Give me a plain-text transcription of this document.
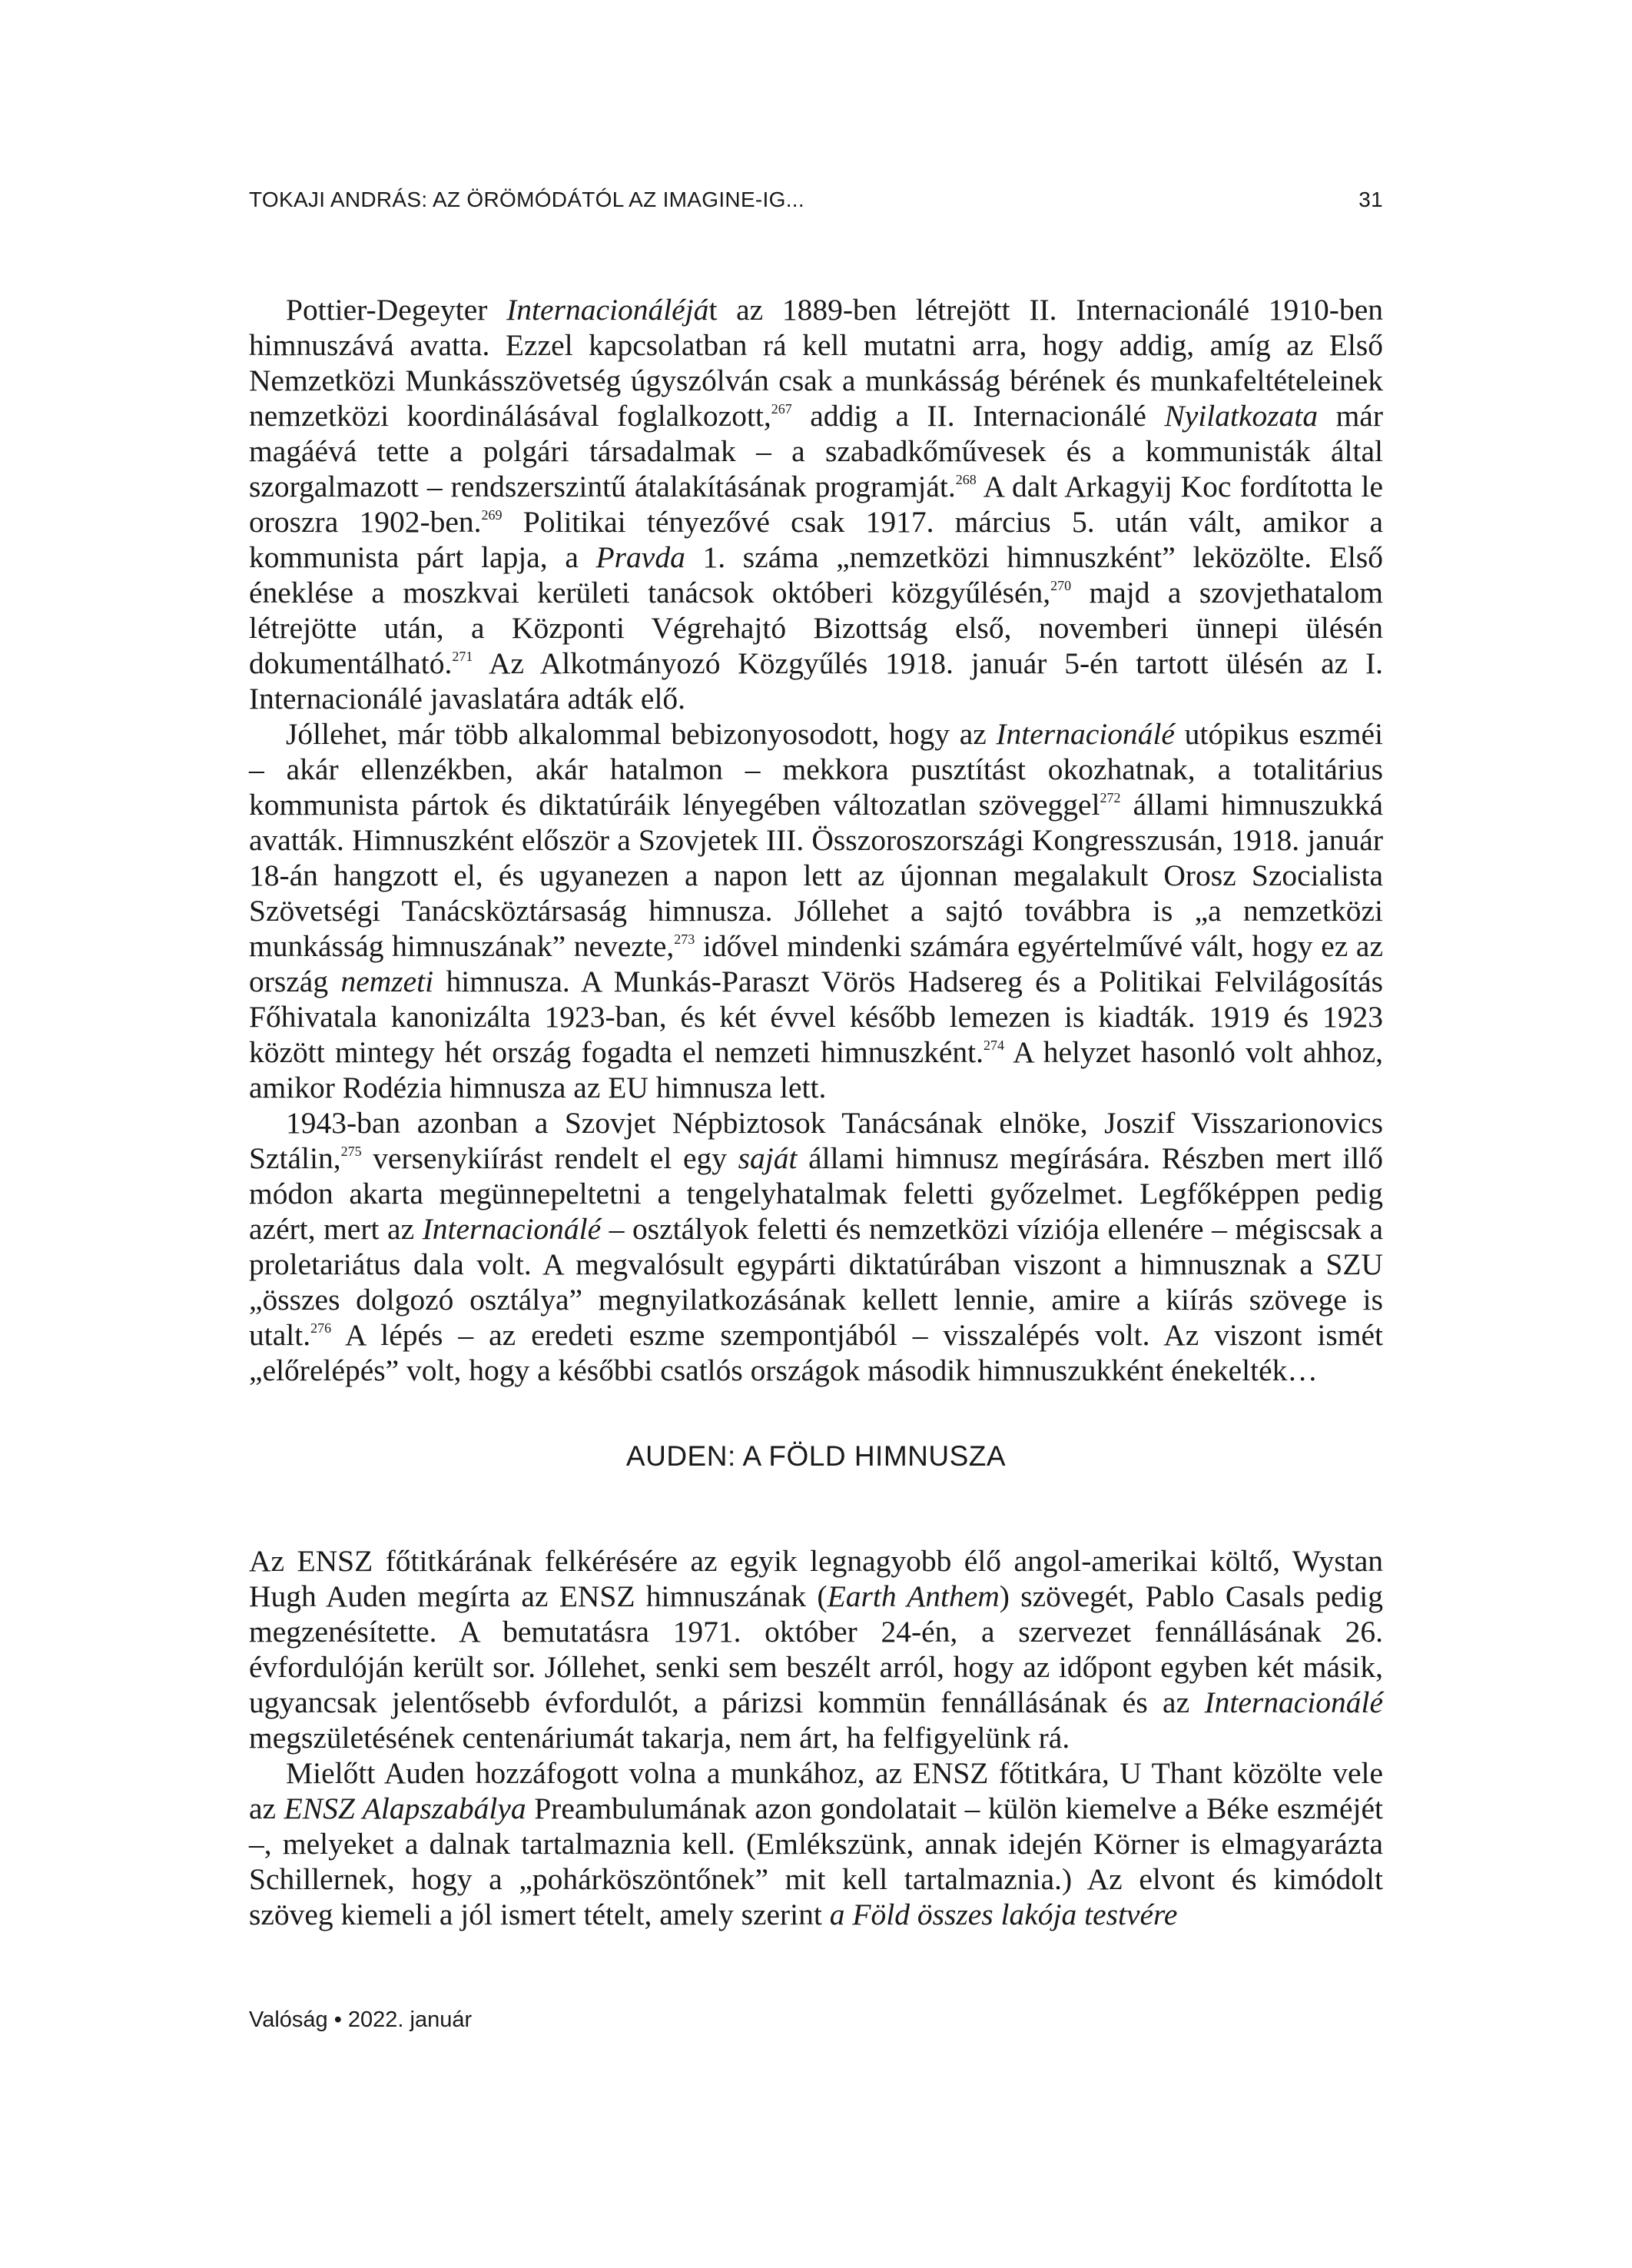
TOKAJI ANDRÁS: AZ ÖRÖMÓDÁTÓL AZ IMAGINE-IG...	31

Pottier-Degeyter Internacionáléját az 1889-ben létrejött II. Internacionálé 1910-ben himnuszává avatta. Ezzel kapcsolatban rá kell mutatni arra, hogy addig, amíg az Első Nemzetközi Munkásszövetség úgyszólván csak a munkásság bérének és munkafeltételeinek nemzetközi koordinálásával foglalkozott,$^{267}$ addig a II. Internacionálé Nyilatkozata már magáévá tette a polgári társadalmak – a szabadkőművesek és a kommunisták által szorgalmazott – rendszerszintű átalakításának programját.$^{268}$ A dalt Arkagyij Koc fordította le oroszra 1902-ben.$^{269}$ Politikai tényezővé csak 1917. március 5. után vált, amikor a kommunista párt lapja, a Pravda 1. száma „nemzetközi himnuszként” leközölte. Első éneklése a moszkvai kerületi tanácsok októberi közgyűlésén,$^{270}$ majd a szovjethatalom létrejötte után, a Központi Végrehajtó Bizottság első, novemberi ünnepi ülésén dokumentálható.$^{271}$ Az Alkotmányozó Közgyűlés 1918. január 5-én tartott ülésén az I. Internacionálé javaslatára adták elő.

Jóllehet, már több alkalommal bebizonyosodott, hogy az Internacionálé utópikus eszméi – akár ellenzékben, akár hatalmon – mekkora pusztítást okozhatnak, a totalitárius kommunista pártok és diktatúráik lényegében változatlan szöveggel$^{272}$ állami himnuszukká avatták. Himnuszként először a Szovjetek III. Összoroszországi Kongresszusán, 1918. január 18-án hangzott el, és ugyanezen a napon lett az újonnan megalakult Orosz Szocialista Szövetségi Tanácsköztársaság himnusza. Jóllehet a sajtó továbbra is „a nemzetközi munkásság himnuszának” nevezte,$^{273}$ idővel mindenki számára egyértelművé vált, hogy ez az ország nemzeti himnusza. A Munkás-Paraszt Vörös Hadsereg és a Politikai Felvilágosítás Főhivatala kanonizálta 1923-ban, és két évvel később lemezen is kiadták. 1919 és 1923 között mintegy hét ország fogadta el nemzeti himnuszként.$^{274}$ A helyzet hasonló volt ahhoz, amikor Rodézia himnusza az EU himnusza lett.

1943-ban azonban a Szovjet Népbiztosok Tanácsának elnöke, Joszif Visszarionovics Sztálin,$^{275}$ versenykiírást rendelt el egy saját állami himnusz megírására. Részben mert illő módon akarta megünnepeltetni a tengelyhatalmak feletti győzelmet. Legfőképpen pedig azért, mert az Internacionálé – osztályok feletti és nemzetközi víziója ellenére – mégiscsak a proletariátus dala volt. A megvalósult egypárti diktatúrában viszont a himnusznak a SZU „összes dolgozó osztálya” megnyilatkozásának kellett lennie, amire a kiírás szövege is utalt.$^{276}$ A lépés – az eredeti eszme szempontjából – visszalépés volt. Az viszont ismét „előrelépés” volt, hogy a későbbi csatlós országok második himnuszukként énekelték…

AUDEN: A FÖLD HIMNUSZA

Az ENSZ főtitkárának felkérésére az egyik legnagyobb élő angol-amerikai költő, Wystan Hugh Auden megírta az ENSZ himnuszának (Earth Anthem) szövegét, Pablo Casals pedig megzenésítette. A bemutatásra 1971. október 24-én, a szervezet fennállásának 26. évfordulóján került sor. Jóllehet, senki sem beszélt arról, hogy az időpont egyben két másik, ugyancsak jelentősebb évfordulót, a párizsi kommün fennállásának és az Internacionálé megszületésének centenáriumát takarja, nem árt, ha felfigyelünk rá.

Mielőtt Auden hozzáfogott volna a munkához, az ENSZ főtitkára, U Thant közölte vele az ENSZ Alapszabálya Preambulumának azon gondolatait – külön kiemelve a Béke eszméjét –, melyeket a dalnak tartalmaznia kell. (Emlékszünk, annak idején Körner is elmagyarázta Schillernek, hogy a „pohárköszöntőnek” mit kell tartalmaznia.) Az elvont és kimódolt szöveg kiemeli a jól ismert tételt, amely szerint a Föld összes lakója testvére

Valóság • 2022. január
